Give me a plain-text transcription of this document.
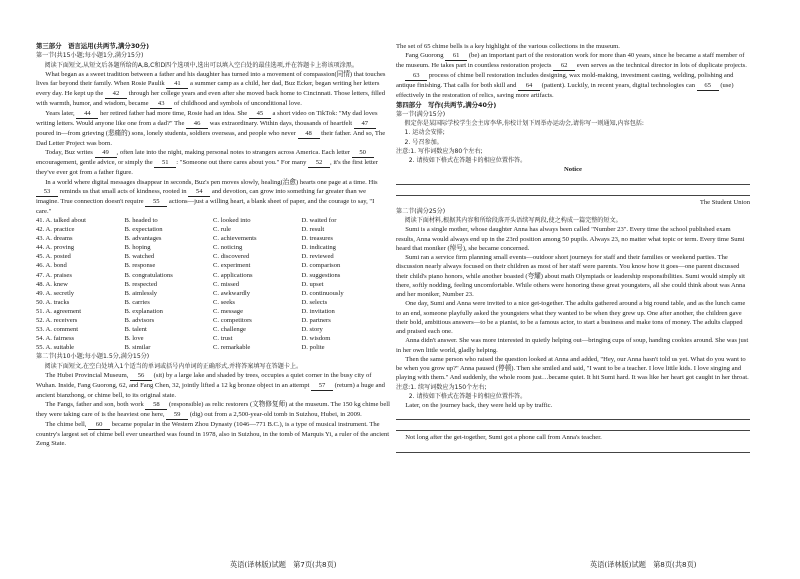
第三部分　语言运用(共两节,满分30分)

第一节(共15小题;每小题1分,满分15分)

阅读下面短文,从短文后各题所给的A,B,C和D四个选项中,选出可以填入空白处的最佳选项,并在答题卡上将该项涂黑。

What began as a sweet tradition between a father and his daughter has turned into a movement of compassion(同情) that touches lives far beyond their family. When Rosie Paulik 41 a summer camp as a child, her dad, Buz Ecker, began writing her letters every day. He kept up the 42 through her college years and even after she moved back home to Cincinnati. Those letters, filled with warmth, humor, and wisdom, became 43 of childhood and symbols of unconditional love.

Years later, 44 her retired father had more time, Rosie had an idea. She 45 a short video on TikTok: "My dad loves writing letters. Would anyone like one from a dad?" The 46 was extraordinary. Within days, thousands of heartfelt 47 poured in—from grieving (悲痛的) sons, lonely students, soldiers overseas, and people who never 48 their father. And so, The Dad Letter Project was born.

Today, Buz writes 49 , often late into the night, making personal notes to strangers across America. Each letter 50 encouragement, gentle advice, or simply the 51 : "Someone out there cares about you." For many 52 , it's the first letter they've ever got from a father figure.

In a world where digital messages disappear in seconds, Buz's pen moves slowly, healing(治愈) hearts one page at a time. His 53 reminds us that small acts of kindness, rooted in 54 and devotion, can grow into something far greater than we imagine. True connection doesn't require 55 actions—just a willing heart, a blank sheet of paper, and the courage to say, "I care."

41. A. talked about	B. headed to	C. looked into	D. waited for
42. A. practice	B. expectation	C. rule	D. result
43. A. dreams	B. advantages	C. achievements	D. treasures
44. A. proving	B. hoping	C. noticing	D. indicating
45. A. posted	B. watched	C. discovered	D. reviewed
46. A. bond	B. response	C. experiment	D. comparison
47. A. praises	B. congratulations	C. applications	D. suggestions
48. A. knew	B. respected	C. missed	D. upset
49. A. secretly	B. aimlessly	C. awkwardly	D. continuously
50. A. tracks	B. carries	C. seeks	D. selects
51. A. agreement	B. explanation	C. message	D. invitation
52. A. receivers	B. advisors	C. competitors	D. partners
53. A. comment	B. talent	C. challenge	D. story
54. A. fairness	B. love	C. trust	D. wisdom
55. A. suitable	B. similar	C. remarkable	D. polite

第二节(共10小题;每小题1.5分,满分15分)

阅读下面短文,在空白处填入1个适当的单词或括号内单词的正确形式,并将答案填写在答题卡上。

The Hubei Provincial Museum, 56 (sit) by a large lake and shaded by trees, occupies a quiet corner in the busy city of Wuhan. Inside, Fang Guorong, 62, and Fang Chen, 32, jointly lifted a 12 kg bronze object in an attempt 57 (return) a huge and ancient bianzhong, or chime bell, to its original state.

The Fangs, father and son, both work 58 (responsible) as relic restorers (文物修复师) at the museum. The 150 kg chime bell they were taking care of is the heaviest one here, 59 (dig) out from a 2,500-year-old tomb in Suizhou, Hubei, in 2009.

The chime bell, 60 became popular in the Western Zhou Dynasty (1046—771 B.C.), is a type of musical instrument. The country's largest set of chime bell ever unearthed was found in 1978, also in Suizhou, in the tomb of Marquis Yi, a ruler of the ancient Zeng State.

The set of 65 chime bells is a key highlight of the various collections in the museum.

Fang Guorong 61 (be) an important part of the restoration work for more than 40 years, since he became a staff member of the museum. He takes part in countless restoration projects 62 even serves as the technical director in lots of duplicate projects.

63 process of chime bell restoration includes designing, wax mold-making, investment casting, welding, polishing and antique finishing. That calls for both skill and 64 (patient). Luckily, in recent years, digital technologies can 65 (use) effectively in the restoration of relics, saving more artifacts.

第四部分　写作(共两节,满分40分)

第一节(满分15分)

假定你是某国际学校学生会主席李华,你校计划下周举办运动会,请你写一则通知,内容包括:

1. 运动会安排;

2. 号召参加。

注意:1. 写作词数应为80个左右;

2. 请按如下格式在答题卡的相应位置作答。

Notice

The Student Union

第二节(满分25分)

阅读下面材料,根据其内容和所给段落开头语续写两段,使之构成一篇完整的短文。

Sumi is a single mother, whose daughter Anna has always been called "Number 23". Every time the school published exam results, Anna would always end up in the 23rd position among 50 pupils. Always 23, no matter what topic or term. Every time Sumi heard that moniker (绰号), she became concerned.

Sumi ran a service firm planning small events—outdoor short journeys for staff and their families or weekend parties. The discussion nearly always focused on their children as most of her staff were parents. You know how it goes—one parent discussed their child's piano honors, while another boasted (夸耀) about math Olympiads or leadership responsibilities. Sumi would simply sit there, softly nodding, feeling uncomfortable. While others were honoring these great youngsters, all she could think about was Anna and her moniker, Number 23.

One day, Sumi and Anna were invited to a nice get-together. The adults gathered around a big round table, and as the lunch came to an end, someone playfully asked the youngsters what they wanted to be when they grew up. One after another, the children gave their bold, ambitious answers—to be a pianist, to be a famous actor, to start a business and make tons of money. The adults clapped and praised each one.

Anna didn't answer. She was more interested in quietly helping out—bringing cups of soup, handing cookies around. She was just in her own little world, gladly helping.

Then the same person who raised the question looked at Anna and added, "Hey, our Anna hasn't told us yet. What do you want to be when you grow up?" Anna paused (停顿). Then she smiled and said, "I want to be a teacher. I love little kids. I love singing and playing with them." And suddenly, the whole room just…became quiet. It hit Sumi hard. It was like her heart got caught in her throat.

注意:1. 续写词数应为150个左右;

2. 请按如下格式在答题卡的相应位置作答。

Later, on the journey back, they were held up by traffic.

Not long after the get-together, Sumi got a phone call from Anna's teacher.

英语(译林版)试题　第7页(共8页)	英语(译林版)试题　第8页(共8页)
